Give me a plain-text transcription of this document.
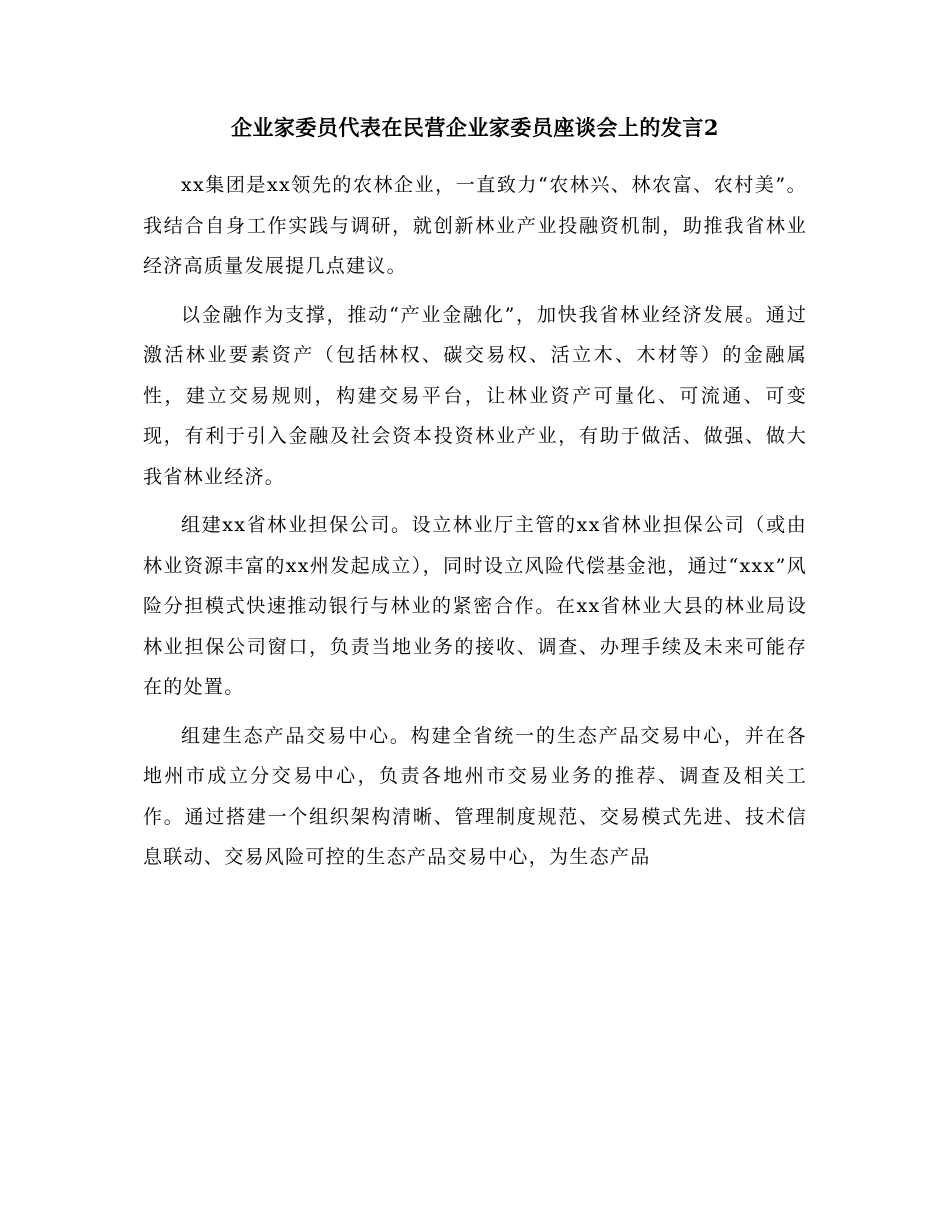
企业家委员代表在民营企业家委员座谈会上的发言2

xx集团是xx领先的农林企业，一直致力“农林兴、林农富、农村美”。我结合自身工作实践与调研，就创新林业产业投融资机制，助推我省林业经济高质量发展提几点建议。

以金融作为支撑，推动“产业金融化”，加快我省林业经济发展。通过激活林业要素资产（包括林权、碳交易权、活立木、木材等）的金融属性，建立交易规则，构建交易平台，让林业资产可量化、可流通、可变现，有利于引入金融及社会资本投资林业产业，有助于做活、做强、做大我省林业经济。

组建xx省林业担保公司。设立林业厅主管的xx省林业担保公司（或由林业资源丰富的xx州发起成立），同时设立风险代偿基金池，通过“xxx”风险分担模式快速推动银行与林业的紧密合作。在xx省林业大县的林业局设林业担保公司窗口，负责当地业务的接收、调查、办理手续及未来可能存在的处置。

组建生态产品交易中心。构建全省统一的生态产品交易中心，并在各地州市成立分交易中心，负责各地州市交易业务的推荐、调查及相关工作。通过搭建一个组织架构清晰、管理制度规范、交易模式先进、技术信息联动、交易风险可控的生态产品交易中心，为生态产品
